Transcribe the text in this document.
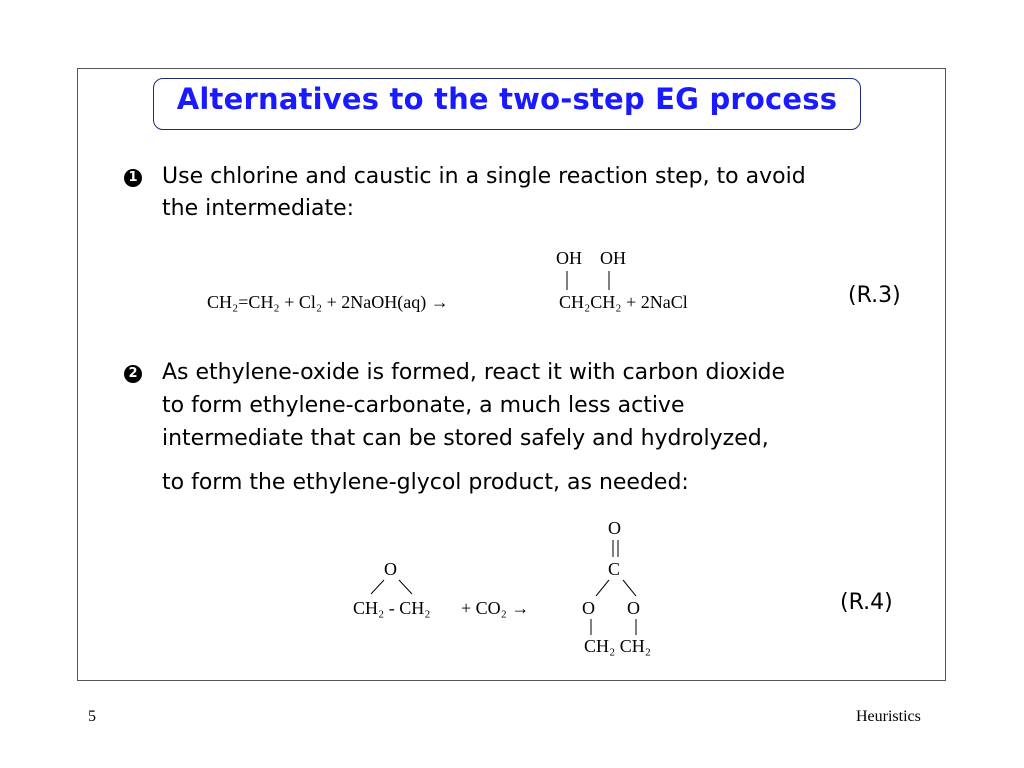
Alternatives to the two-step EG process
1 Use chlorine and caustic in a single reaction step, to avoid
the intermediate:
OH OH
CH₂=CH₂ + Cl₂ + 2NaOH(aq) →	CH₂CH₂ + 2NaCl	(R.3)
2 As ethylene-oxide is formed, react it with carbon dioxide
to form ethylene-carbonate, a much less active
intermediate that can be stored safely and hydrolyzed,
to form the ethylene-glycol product, as needed:
O
CH₂ - CH₂ + CO₂ →
O
C
O O
CH₂ CH₂
(R.4)
5	Heuristics
